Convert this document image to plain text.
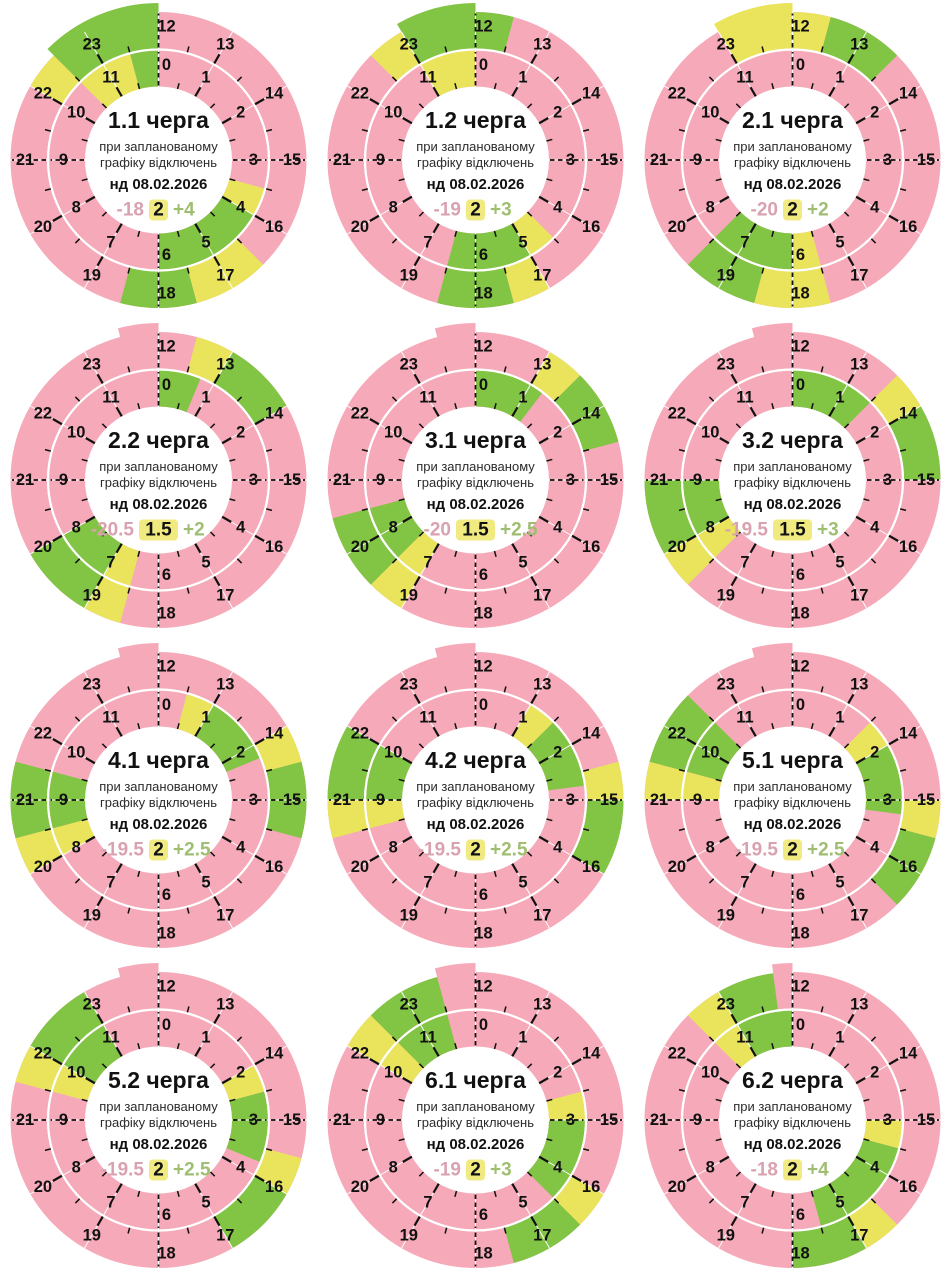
0
1
2
3
4
5
6
7
8
9
10
11
12
13
14
15
16
17
18
19
20
21
22
23
1.1 черга
при запланованому
графіку відключень
нд 08.02.2026
-18 2 +4
0
1
2
3
4
5
6
7
8
9
10
11
12
13
14
15
16
17
18
19
20
21
22
23
1.2 черга
при запланованому
графіку відключень
нд 08.02.2026
-19 2 +3
0
1
2
3
4
5
6
7
8
9
10
11
12
13
14
15
16
17
18
19
20
21
22
23
2.1 черга
при запланованому
графіку відключень
нд 08.02.2026
-20 2 +2
0
1
2
3
4
5
6
7
8
9
10
11
12
13
14
15
16
17
18
19
20
21
22
23
2.2 черга
при запланованому
графіку відключень
нд 08.02.2026
-20.5 1.5 +2
0
1
2
3
4
5
6
7
8
9
10
11
12
13
14
15
16
17
18
19
20
21
22
23
3.1 черга
при запланованому
графіку відключень
нд 08.02.2026
-20 1.5 +2.5
0
1
2
3
4
5
6
7
8
9
10
11
12
13
14
15
16
17
18
19
20
21
22
23
3.2 черга
при запланованому
графіку відключень
нд 08.02.2026
-19.5 1.5 +3
0
1
2
3
4
5
6
7
8
9
10
11
12
13
14
15
16
17
18
19
20
21
22
23
4.1 черга
при запланованому
графіку відключень
нд 08.02.2026
-19.5 2 +2.5
0
1
2
3
4
5
6
7
8
9
10
11
12
13
14
15
16
17
18
19
20
21
22
23
4.2 черга
при запланованому
графіку відключень
нд 08.02.2026
-19.5 2 +2.5
0
1
2
3
4
5
6
7
8
9
10
11
12
13
14
15
16
17
18
19
20
21
22
23
5.1 черга
при запланованому
графіку відключень
нд 08.02.2026
-19.5 2 +2.5
0
1
2
3
4
5
6
7
8
9
10
11
12
13
14
15
16
17
18
19
20
21
22
23
5.2 черга
при запланованому
графіку відключень
нд 08.02.2026
-19.5 2 +2.5
0
1
2
3
4
5
6
7
8
9
10
11
12
13
14
15
16
17
18
19
20
21
22
23
6.1 черга
при запланованому
графіку відключень
нд 08.02.2026
-19 2 +3
0
1
2
3
4
5
6
7
8
9
10
11
12
13
14
15
16
17
18
19
20
21
22
23
6.2 черга
при запланованому
графіку відключень
нд 08.02.2026
-18 2 +4
